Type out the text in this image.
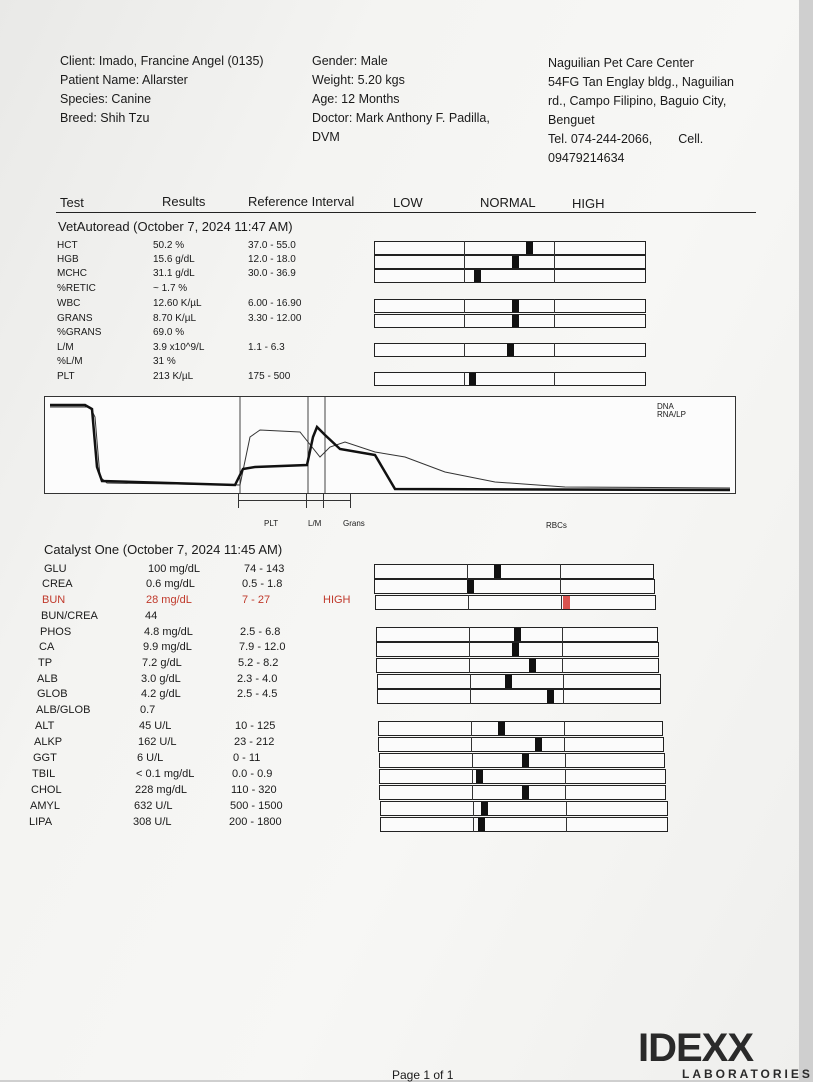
Client: Imado, Francine Angel (0135)
Patient Name: Allarster
Species: Canine
Breed: Shih Tzu
Gender: Male
Weight: 5.20 kgs
Age: 12 Months
Doctor: Mark Anthony F. Padilla,
DVM
Naguilian Pet Care Center
54FG Tan Englay bldg., Naguilian
rd., Campo Filipino, Baguio City,
Benguet
Tel. 074-244-2066, Cell.
09479214634
Test	Results	Reference Interval	LOW	NORMAL	HIGH
VetAutoread (October 7, 2024 11:47 AM)
HCT	50.2 %	37.0 - 55.0
HGB	15.6 g/dL	12.0 - 18.0
MCHC	31.1 g/dL	30.0 - 36.9
%RETIC	~ 1.7 %
WBC	12.60 K/µL	6.00 - 16.90
GRANS	8.70 K/µL	3.30 - 12.00
%GRANS	69.0 %
L/M	3.9 x10^9/L	1.1 - 6.3
%L/M	31 %
PLT	213 K/µL	175 - 500
DNA
RNA/LP
PLT	L/M	Grans	RBCs
Catalyst One (October 7, 2024 11:45 AM)
GLU	100 mg/dL	74 - 143
CREA	0.6 mg/dL	0.5 - 1.8
BUN	28 mg/dL	7 - 27	HIGH
BUN/CREA	44
PHOS	4.8 mg/dL	2.5 - 6.8
CA	9.9 mg/dL	7.9 - 12.0
TP	7.2 g/dL	5.2 - 8.2
ALB	3.0 g/dL	2.3 - 4.0
GLOB	4.2 g/dL	2.5 - 4.5
ALB/GLOB	0.7
ALT	45 U/L	10 - 125
ALKP	162 U/L	23 - 212
GGT	6 U/L	0 - 11
TBIL	< 0.1 mg/dL	0.0 - 0.9
CHOL	228 mg/dL	110 - 320
AMYL	632 U/L	500 - 1500
LIPA	308 U/L	200 - 1800
Page 1 of 1
IDEXX
LABORATORIES
